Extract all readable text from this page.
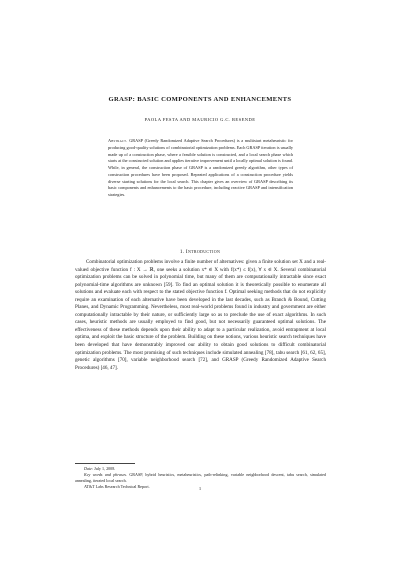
GRASP: BASIC COMPONENTS AND ENHANCEMENTS
PAOLA FESTA AND MAURICIO G.C. RESENDE
Abstract. GRASP (Greedy Randomized Adaptive Search Procedures) is a multistart metaheuristic for producing good-quality solutions of combinatorial optimization problems. Each GRASP iteration is usually made up of a construction phase, where a feasible solution is constructed, and a local search phase which starts at the constructed solution and applies iterative improvement until a locally optimal solution is found. While, in general, the construction phase of GRASP is a randomized greedy algorithm, other types of construction procedures have been proposed. Repeated applications of a construction procedure yields diverse starting solutions for the local search. This chapter gives an overview of GRASP describing its basic components and enhancements to the basic procedure, including reactive GRASP and intensification strategies.
1. Introduction
Combinatorial optimization problems involve a finite number of alternatives: given a finite solution set X and a real-valued objective function f : X → ℝ, one seeks a solution x* ∈ X with f(x*) ≤ f(x), ∀ x ∈ X. Several combinatorial optimization problems can be solved in polynomial time, but many of them are computationally intractable since exact polynomial-time algorithms are unknown [59]. To find an optimal solution it is theoretically possible to enumerate all solutions and evaluate each with respect to the stated objective function f. Optimal seeking methods that do not explicitly require an examination of each alternative have been developed in the last decades, such as Branch & Bound, Cutting Planes, and Dynamic Programming. Nevertheless, most real-world problems found in industry and government are either computationally intractable by their nature, or sufficiently large so as to preclude the use of exact algorithms. In such cases, heuristic methods are usually employed to find good, but not necessarily guaranteed optimal solutions. The effectiveness of these methods depends upon their ability to adapt to a particular realization, avoid entrapment at local optima, and exploit the basic structure of the problem. Building on these notions, various heuristic search techniques have been developed that have demonstrably improved our ability to obtain good solutions to difficult combinatorial optimization problems. The most promising of such techniques include simulated annealing [78], tabu search [61, 62, 65], genetic algorithms [70], variable neighborhood search [72], and GRASP (Greedy Randomized Adaptive Search Procedures) [46, 47].

Date: July 1, 2008.

Key words and phrases. GRASP, hybrid heuristics, metaheuristics, path-relinking, variable neighborhood descent, tabu search, simulated annealing, iterated local search.

AT&T Labs Research Technical Report.	1
